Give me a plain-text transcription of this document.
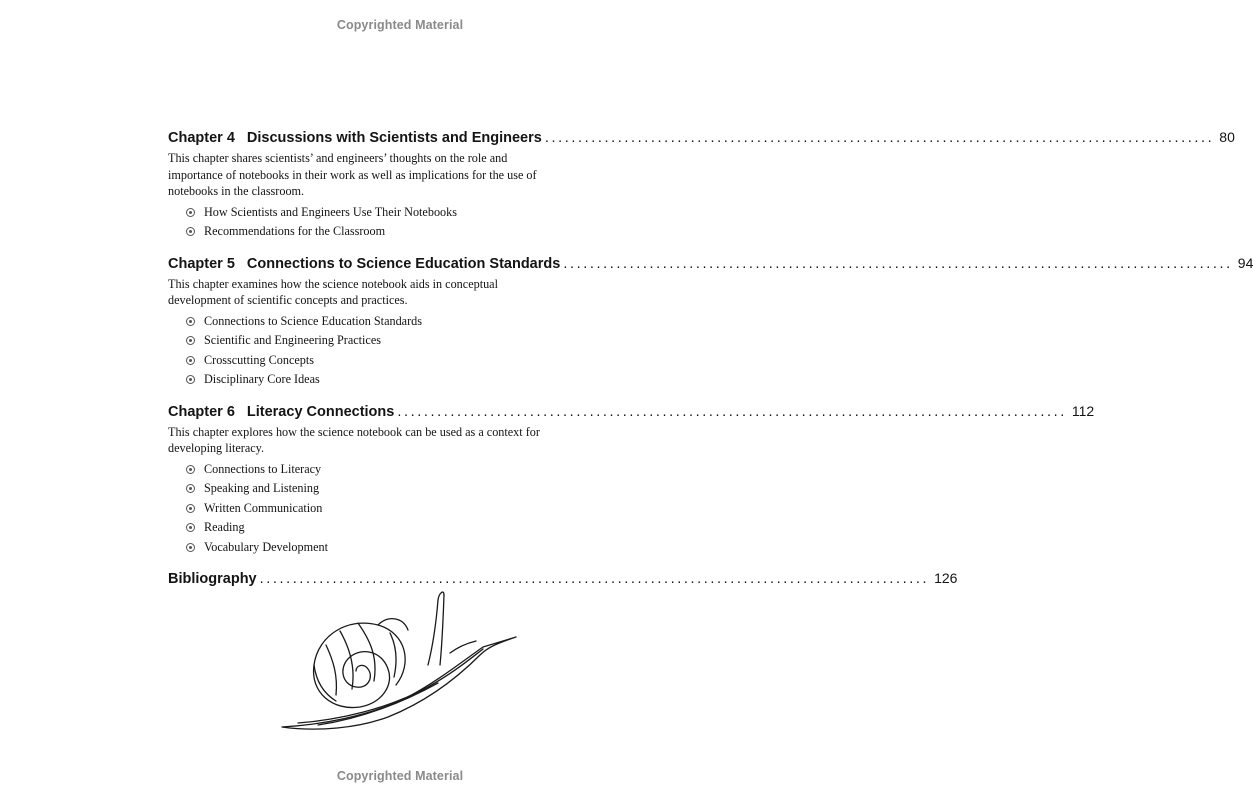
Copyrighted Material
Chapter 4 Discussions with Scientists and Engineers ..................................................................................................... 80
This chapter shares scientists’ and engineers’ thoughts on the role and importance of notebooks in their work as well as implications for the use of notebooks in the classroom.
How Scientists and Engineers Use Their Notebooks
Recommendations for the Classroom
Chapter 5 Connections to Science Education Standards ..................................................................................................... 94
This chapter examines how the science notebook aids in conceptual development of scientific concepts and practices.
Connections to Science Education Standards
Scientific and Engineering Practices
Crosscutting Concepts
Disciplinary Core Ideas
Chapter 6 Literacy Connections ..................................................................................................... 112
This chapter explores how the science notebook can be used as a context for developing literacy.
Connections to Literacy
Speaking and Listening
Written Communication
Reading
Vocabulary Development
Bibliography ..................................................................................................... 126
Copyrighted Material
